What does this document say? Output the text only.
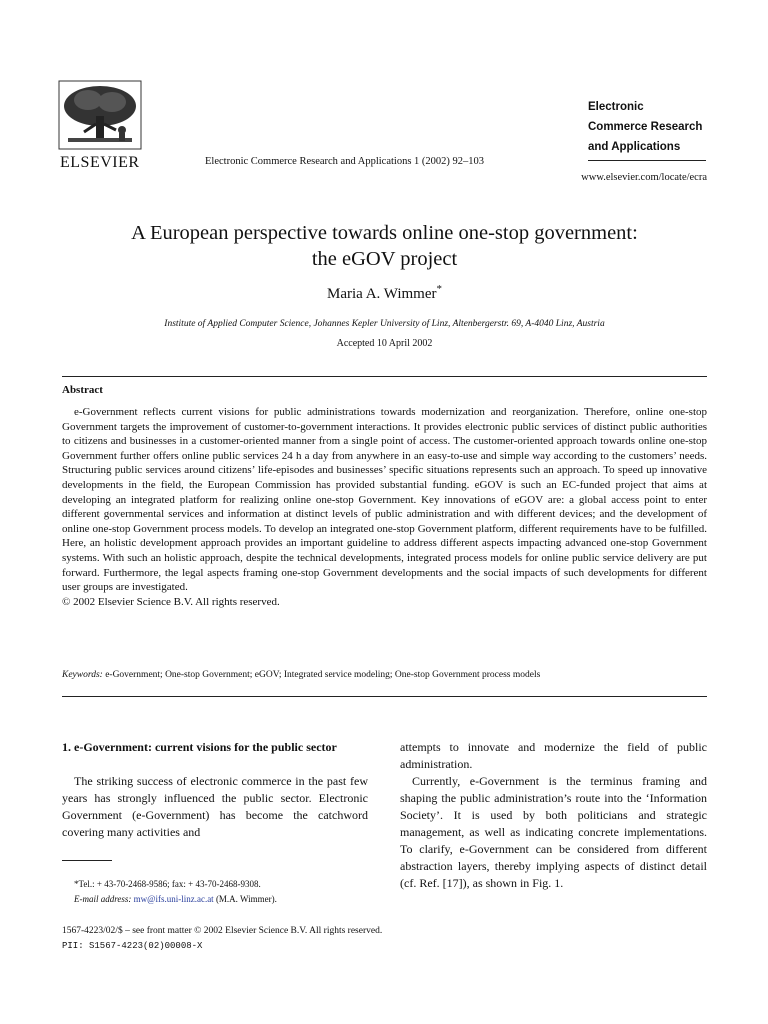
ELSEVIER	Electronic Commerce Research and Applications 1 (2002) 92–103
Electronic
Commerce Research
and Applications
www.elsevier.com/locate/ecra
A European perspective towards online one-stop government:
the eGOV project
Maria A. Wimmer*
Institute of Applied Computer Science, Johannes Kepler University of Linz, Altenbergerstr. 69, A-4040 Linz, Austria
Accepted 10 April 2002
Abstract
e-Government reflects current visions for public administrations towards modernization and reorganization. Therefore, online one-stop Government targets the improvement of customer-to-government interactions. It provides electronic public services of distinct public authorities to citizens and businesses in a customer-oriented manner from a single point of access. The customer-oriented approach towards online one-stop Government further offers online public services 24 h a day from anywhere in an easy-to-use and simple way according to the customers’ needs. Structuring public services around citizens’ life-episodes and businesses’ specific situations represents such an approach. To speed up innovative developments in the field, the European Commission has provided substantial funding. eGOV is such an EC-funded project that aims at developing an integrated platform for realizing online one-stop Government. Key innovations of eGOV are: a global access point to enter different governmental services and information at distinct levels of public administration and with different devices; and the development of online one-stop Government process models. To develop an integrated one-stop Government platform, different requirements have to be fulfilled. Here, an holistic development approach provides an important guideline to address different aspects impacting advanced one-stop Government systems. With such an holistic approach, despite the technical developments, integrated process models for online public service delivery are put forward. Furthermore, the legal aspects framing one-stop Government developments and the social impacts of such developments for different user groups are investigated.
© 2002 Elsevier Science B.V. All rights reserved.
Keywords: e-Government; One-stop Government; eGOV; Integrated service modeling; One-stop Government process models
1. e-Government: current visions for the public sector

The striking success of electronic commerce in the past few years has strongly influenced the public sector. Electronic Government (e-Government) has become the catchword covering many activities and

*Tel.: + 43-70-2468-9586; fax: + 43-70-2468-9308.
E-mail address: mw@ifs.uni-linz.ac.at (M.A. Wimmer).

attempts to innovate and modernize the field of public administration.

Currently, e-Government is the terminus framing and shaping the public administration’s route into the ‘Information Society’. It is used by both politicians and strategic management, as well as indicating concrete implementations. To clarify, e-Government can be considered from different abstraction layers, thereby implying aspects of distinct detail (cf. Ref. [17]), as shown in Fig. 1.

1567-4223/02/$ – see front matter © 2002 Elsevier Science B.V. All rights reserved.
PII: S1567-4223(02)00008-X
